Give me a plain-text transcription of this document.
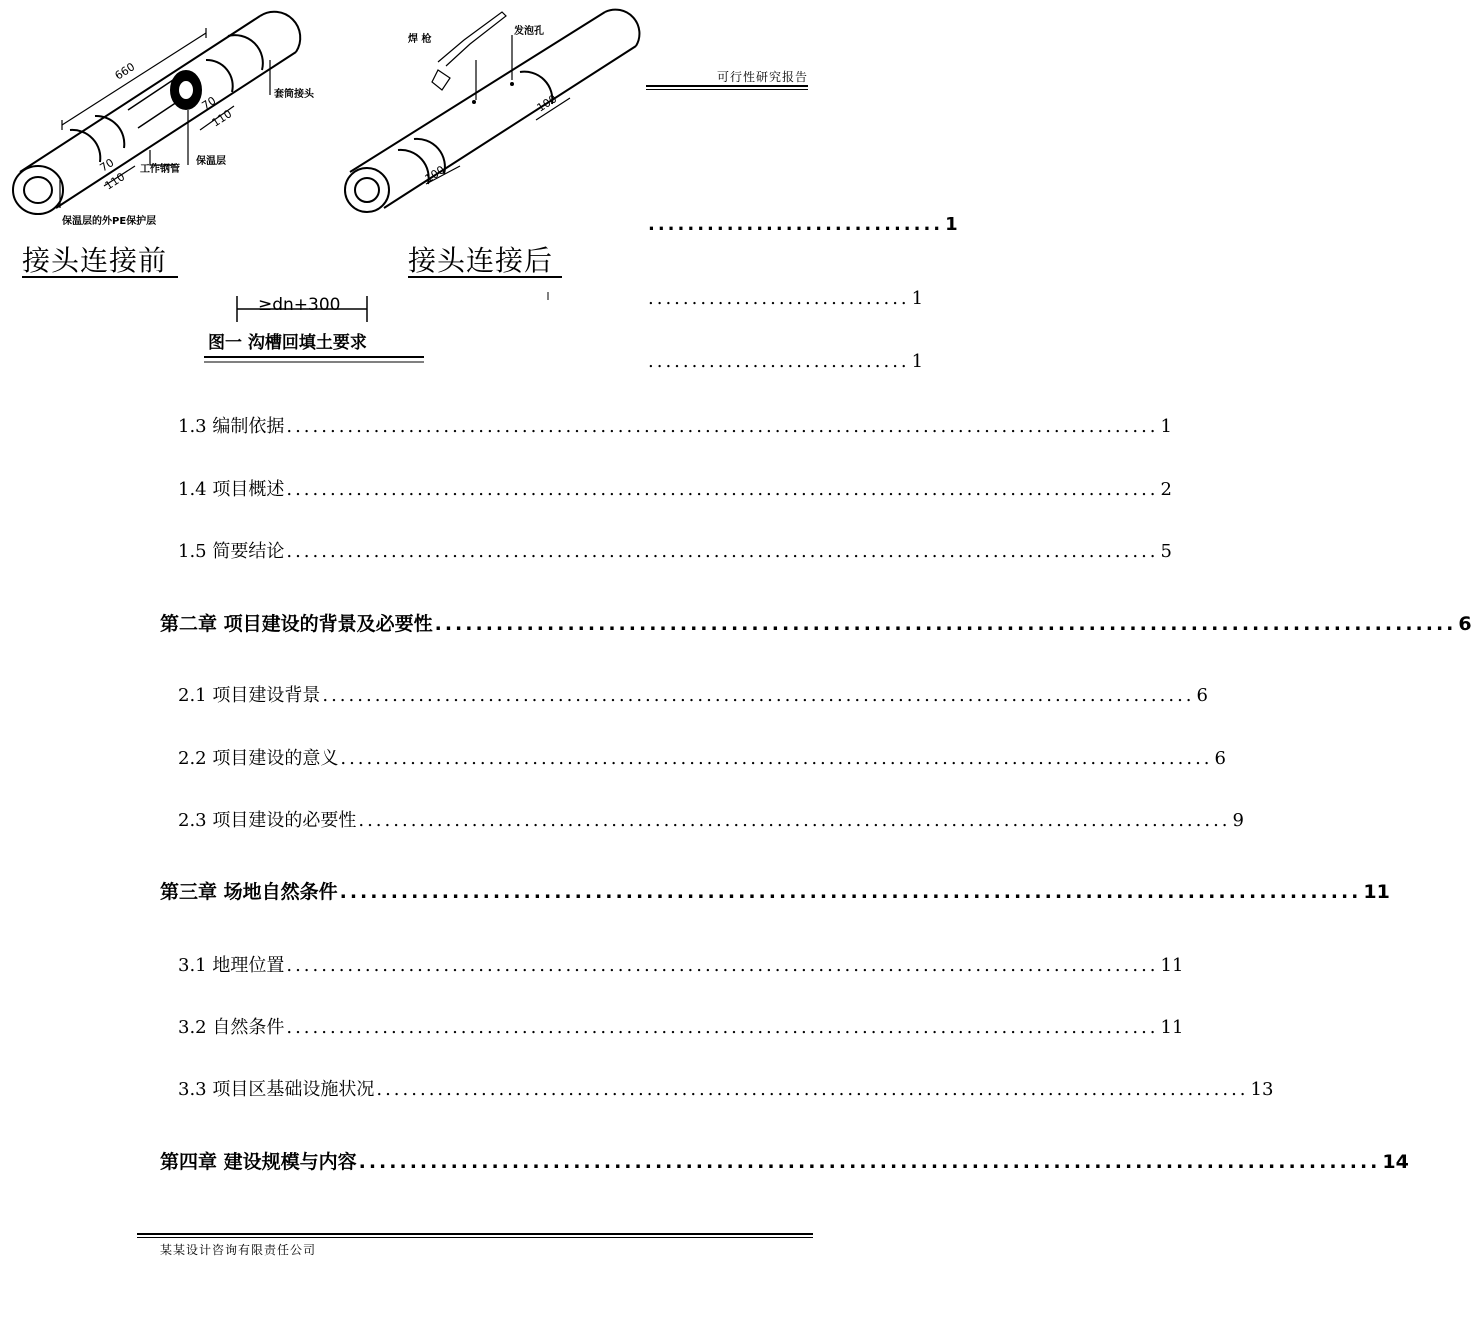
可行性研究报告
660
70
110
70
110
工作钢管
保温层
套筒接头
保温层的外PE保护层
焊 枪
发泡孔
100
100
接头连接前	接头连接后
≥dn+300
图一 沟槽回填土要求
.............................. 1
.............................. 1
.............................. 1
1.3 编制依据 .................................................................................................... 1
1.4 项目概述 .................................................................................................... 2
1.5 简要结论 .................................................................................................... 5
第二章 项目建设的背景及必要性 .................................................................................................... 6
2.1 项目建设背景 .................................................................................................... 6
2.2 项目建设的意义 .................................................................................................... 6
2.3 项目建设的必要性 .................................................................................................... 9
第三章 场地自然条件 .................................................................................................... 11
3.1 地理位置 .................................................................................................... 11
3.2 自然条件 .................................................................................................... 11
3.3 项目区基础设施状况 .................................................................................................... 13
第四章 建设规模与内容 .................................................................................................... 14
某某设计咨询有限责任公司
